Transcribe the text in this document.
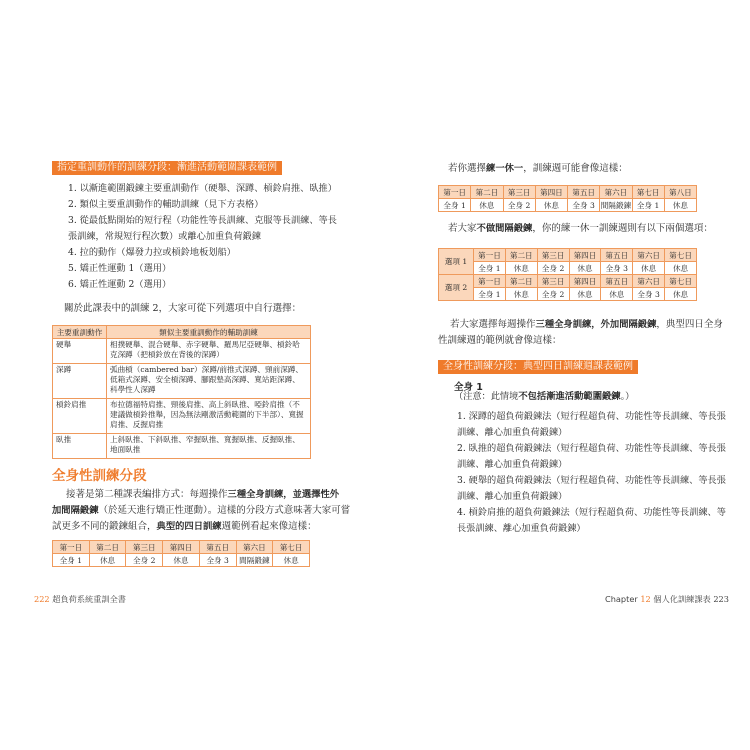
指定重訓動作的訓練分段：漸進活動範圍課表範例
1. 以漸進範圍鍛鍊主要重訓動作（硬舉、深蹲、槓鈴肩推、臥推）
2. 類似主要重訓動作的輔助訓練（見下方表格）
3. 從最低點開始的短行程（功能性等長訓練、克服等長訓練、等長
張訓練，常規短行程次數）或離心加重負荷鍛鍊
4. 拉的動作（爆發力拉或槓鈴地板划船）
5. 矯正性運動 1（選用）
6. 矯正性運動 2（選用）
關於此課表中的訓練 2，大家可從下列選項中自行選擇：
主要重訓動作	類似主要重訓動作的輔助訓練
硬舉	相撲硬舉、混合硬舉、赤字硬舉、羅馬尼亞硬舉、槓鈴哈克深蹲（把槓鈴放在背後的深蹲）
深蹲	弧曲槓（cambered bar）深蹲/前推式深蹲、頸前深蹲、低箱式深蹲、安全槓深蹲、腳跟墊高深蹲、寬站距深蹲、科學性人深蹲
槓鈴肩推	布拉德福特肩推、頸後肩推、高上斜臥推、啞鈴肩推（不建議做槓鈴推舉，因為無法剛激活動範圍的下半部）、寬握肩推、反握肩推
臥推	上斜臥推、下斜臥推、窄握臥推、寬握臥推、反握臥推、地面臥推
全身性訓練分段
接著是第二種課表編排方式：每週操作三種全身訓練，並選擇性外
加間隔鍛鍊（於延天進行矯正性運動）。這樣的分段方式意味著大家可嘗
試更多不同的鍛鍊組合，典型的四日訓練週範例看起來像這樣：
第一日	第二日	第三日	第四日	第五日	第六日	第七日
全身 1	休息	全身 2	休息	全身 3	間隔鍛鍊	休息
222 超負荷系統重訓全書
若你選擇練一休一，訓練週可能會像這樣：
第一日	第二日	第三日	第四日	第五日	第六日	第七日	第八日
全身 1	休息	全身 2	休息	全身 3	間隔鍛鍊	全身 1	休息
若大家不做間隔鍛鍊，你的練一休一訓練週則有以下兩個選項：
選項 1	第一日	第二日	第三日	第四日	第五日	第六日	第七日
	全身 1	休息	全身 2	休息	全身 3	休息	休息
選項 2	第一日	第二日	第三日	第四日	第五日	第六日	第七日
	全身 1	休息	全身 2	休息	休息	全身 3	休息
若大家選擇每週操作三種全身訓練，外加間隔鍛鍊，典型四日全身
性訓練週的範例就會像這樣：
全身性訓練分段：典型四日訓練週課表範例
全身 1
（注意：此情境不包括漸進活動範圍鍛鍊。）
1. 深蹲的超負荷鍛鍊法（短行程超負荷、功能性等長訓練、等長張
訓練、離心加重負荷鍛鍊）
2. 臥推的超負荷鍛鍊法（短行程超負荷、功能性等長訓練、等長張
訓練、離心加重負荷鍛鍊）
3. 硬舉的超負荷鍛鍊法（短行程超負荷、功能性等長訓練、等長張
訓練、離心加重負荷鍛鍊）
4. 槓鈴肩推的超負荷鍛鍊法（短行程超負荷、功能性等長訓練、等
長張訓練、離心加重負荷鍛鍊）
Chapter 12 個人化訓練課表 223
